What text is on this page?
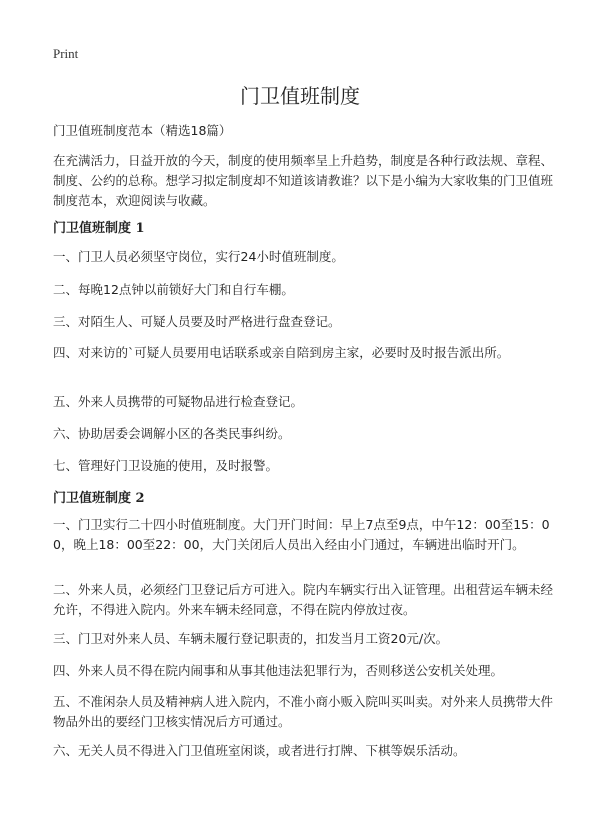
Print
门卫值班制度
门卫值班制度范本（精选18篇）
在充满活力，日益开放的今天，制度的使用频率呈上升趋势，制度是各种行政法规、章程、制度、公约的总称。想学习拟定制度却不知道该请教谁？以下是小编为大家收集的门卫值班制度范本，欢迎阅读与收藏。
门卫值班制度 1
一、门卫人员必须坚守岗位，实行24小时值班制度。
二、每晚12点钟以前锁好大门和自行车棚。
三、对陌生人、可疑人员要及时严格进行盘查登记。
四、对来访的`可疑人员要用电话联系或亲自陪到房主家，必要时及时报告派出所。
五、外来人员携带的可疑物品进行检查登记。
六、协助居委会调解小区的各类民事纠纷。
七、管理好门卫设施的使用，及时报警。
门卫值班制度 2
一、门卫实行二十四小时值班制度。大门开门时间：早上7点至9点，中午12：00至15：00，晚上18：00至22：00，大门关闭后人员出入经由小门通过，车辆进出临时开门。
二、外来人员，必须经门卫登记后方可进入。院内车辆实行出入证管理。出租营运车辆未经允许，不得进入院内。外来车辆未经同意，不得在院内停放过夜。
三、门卫对外来人员、车辆未履行登记职责的，扣发当月工资20元/次。
四、外来人员不得在院内闹事和从事其他违法犯罪行为，否则移送公安机关处理。
五、不准闲杂人员及精神病人进入院内，不准小商小贩入院叫买叫卖。对外来人员携带大件物品外出的要经门卫核实情况后方可通过。
六、无关人员不得进入门卫值班室闲谈，或者进行打牌、下棋等娱乐活动。
